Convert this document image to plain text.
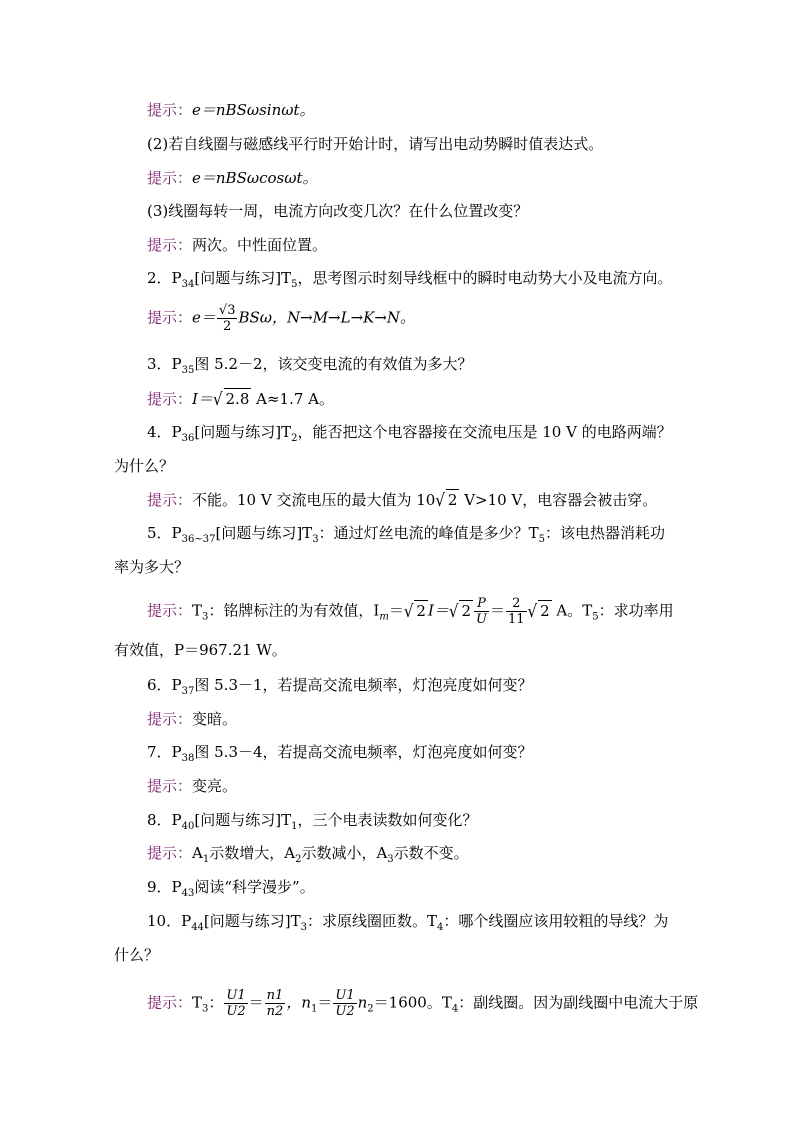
提示：e＝nBSωsinωt。
(2)若自线圈与磁感线平行时开始计时，请写出电动势瞬时值表达式。
提示：e＝nBSωcosωt。
(3)线圈每转一周，电流方向改变几次？在什么位置改变？
提示：两次。中性面位置。
2．$P_{34}$[问题与练习]$T_5$，思考图示时刻导线框中的瞬时电动势大小及电流方向。
提示：$e= \frac{√3}{2}$ BSω，N→M→L→K→N。
3．$P_{35}$图 5.2－2，该交变电流的有效值为多大？
提示：I＝√ 2.8 A≈1.7 A。
4．$P_{36}$[问题与练习]$T_2$，能否把这个电容器接在交流电压是 10 V 的电路两端？
为什么？
提示：不能。10 V 交流电压的最大值为 10√ 2 V>10 V，电容器会被击穿。
5．$P_{36\sim 37}$[问题与练习]$T_3$：通过灯丝电流的峰值是多少？$T_5$：该电热器消耗功
率为多大？
提示：$T_3$：铭牌标注的为有效值，$I_m=√$ 2 I＝√ $2 \frac{P}{U} = \frac{2}{11}$ √ 2 A。$T_5$：求功率用
有效值，P＝967.21 W。
6．$P_{37}$图 5.3－1，若提高交流电频率，灯泡亮度如何变？
提示：变暗。
7．$P_{38}$图 5.3－4，若提高交流电频率，灯泡亮度如何变？
提示：变亮。
8．$P_{40}$[问题与练习]$T_1$，三个电表读数如何变化？
提示：$A_1$示数增大，$A_2$示数减小，$A_3$示数不变。
9．$P_{43}$阅读“科学漫步”。
10．$P_{44}$[问题与练习]$T_3$：求原线圈匝数。$T_4$：哪个线圈应该用较粗的导线？为
什么？
提示：$T_3$： $\frac{U1}{U2} = \frac{n1}{n2}$ ，$n_1= \frac{U1}{U2} n_2=1600$。$T_4$：副线圈。因为副线圈中电流大于原
